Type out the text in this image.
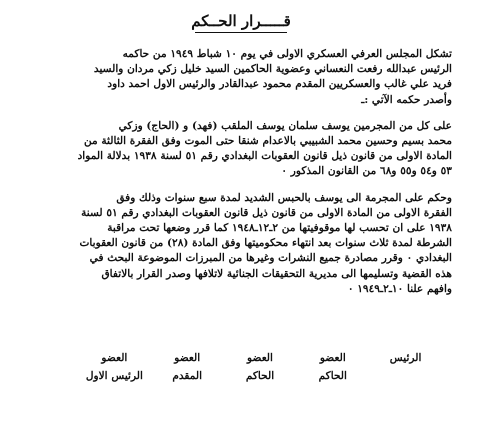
قـــــرار الحــكم

تشكل المجلس العرفي العسكري الاولى في يوم ١٠ شباط ١٩٤٩ من حاكمه
الرئيس عبدالله رفعت النعساني وعضوية الحاكمين السيد خليل زكي مردان والسيد
فريد علي غالب والعسكريين المقدم محمود عبدالقادر والرئيس الاول احمد داود
وأصدر حكمه الآتي :ـ

على كل من المجرمين يوسف سلمان يوسف الملقب (فهد) و (الحاج) وزكي
محمد بسيم وحسين محمد الشبيبي بالاعدام شنقا حتى الموت وفق الفقرة الثالثة من
المادة الاولى من قانون ذيل قانون العقوبات البغدادي رقم ٥١ لسنة ١٩٣٨ بدلالة المواد
٥٣ و٥٤ و٥٥ و٦٨ من القانون المذكور ٠

وحكم على المجرمة الى يوسف بالحبس الشديد لمدة سبع سنوات وذلك وفق
الفقرة الاولى من المادة الاولى من قانون ذيل قانون العقوبات البغدادي رقم ٥١ لسنة
١٩٣٨ على ان تحسب لها موقوفيتها من ٢ـ١٢ـ١٩٤٨ كما قرر وضعها تحت مراقبة
الشرطة لمدة ثلاث سنوات بعد انتهاء محكوميتها وفق المادة (٢٨) من قانون العقوبات
البغدادي ٠ وقرر مصادرة جميع النشرات وغيرها من المبرزات الموضوعة البحث في
هذه القضية وتسليمها الى مديرية التحقيقات الجنائية لاتلافها وصدر القرار بالاتفاق
وافهم علنا ١٠ـ٢ـ١٩٤٩ ٠

الرئيس
العضو
العضو
العضو
العضو
الحاكم
الحاكم
المقدم
الرئيس الاول
